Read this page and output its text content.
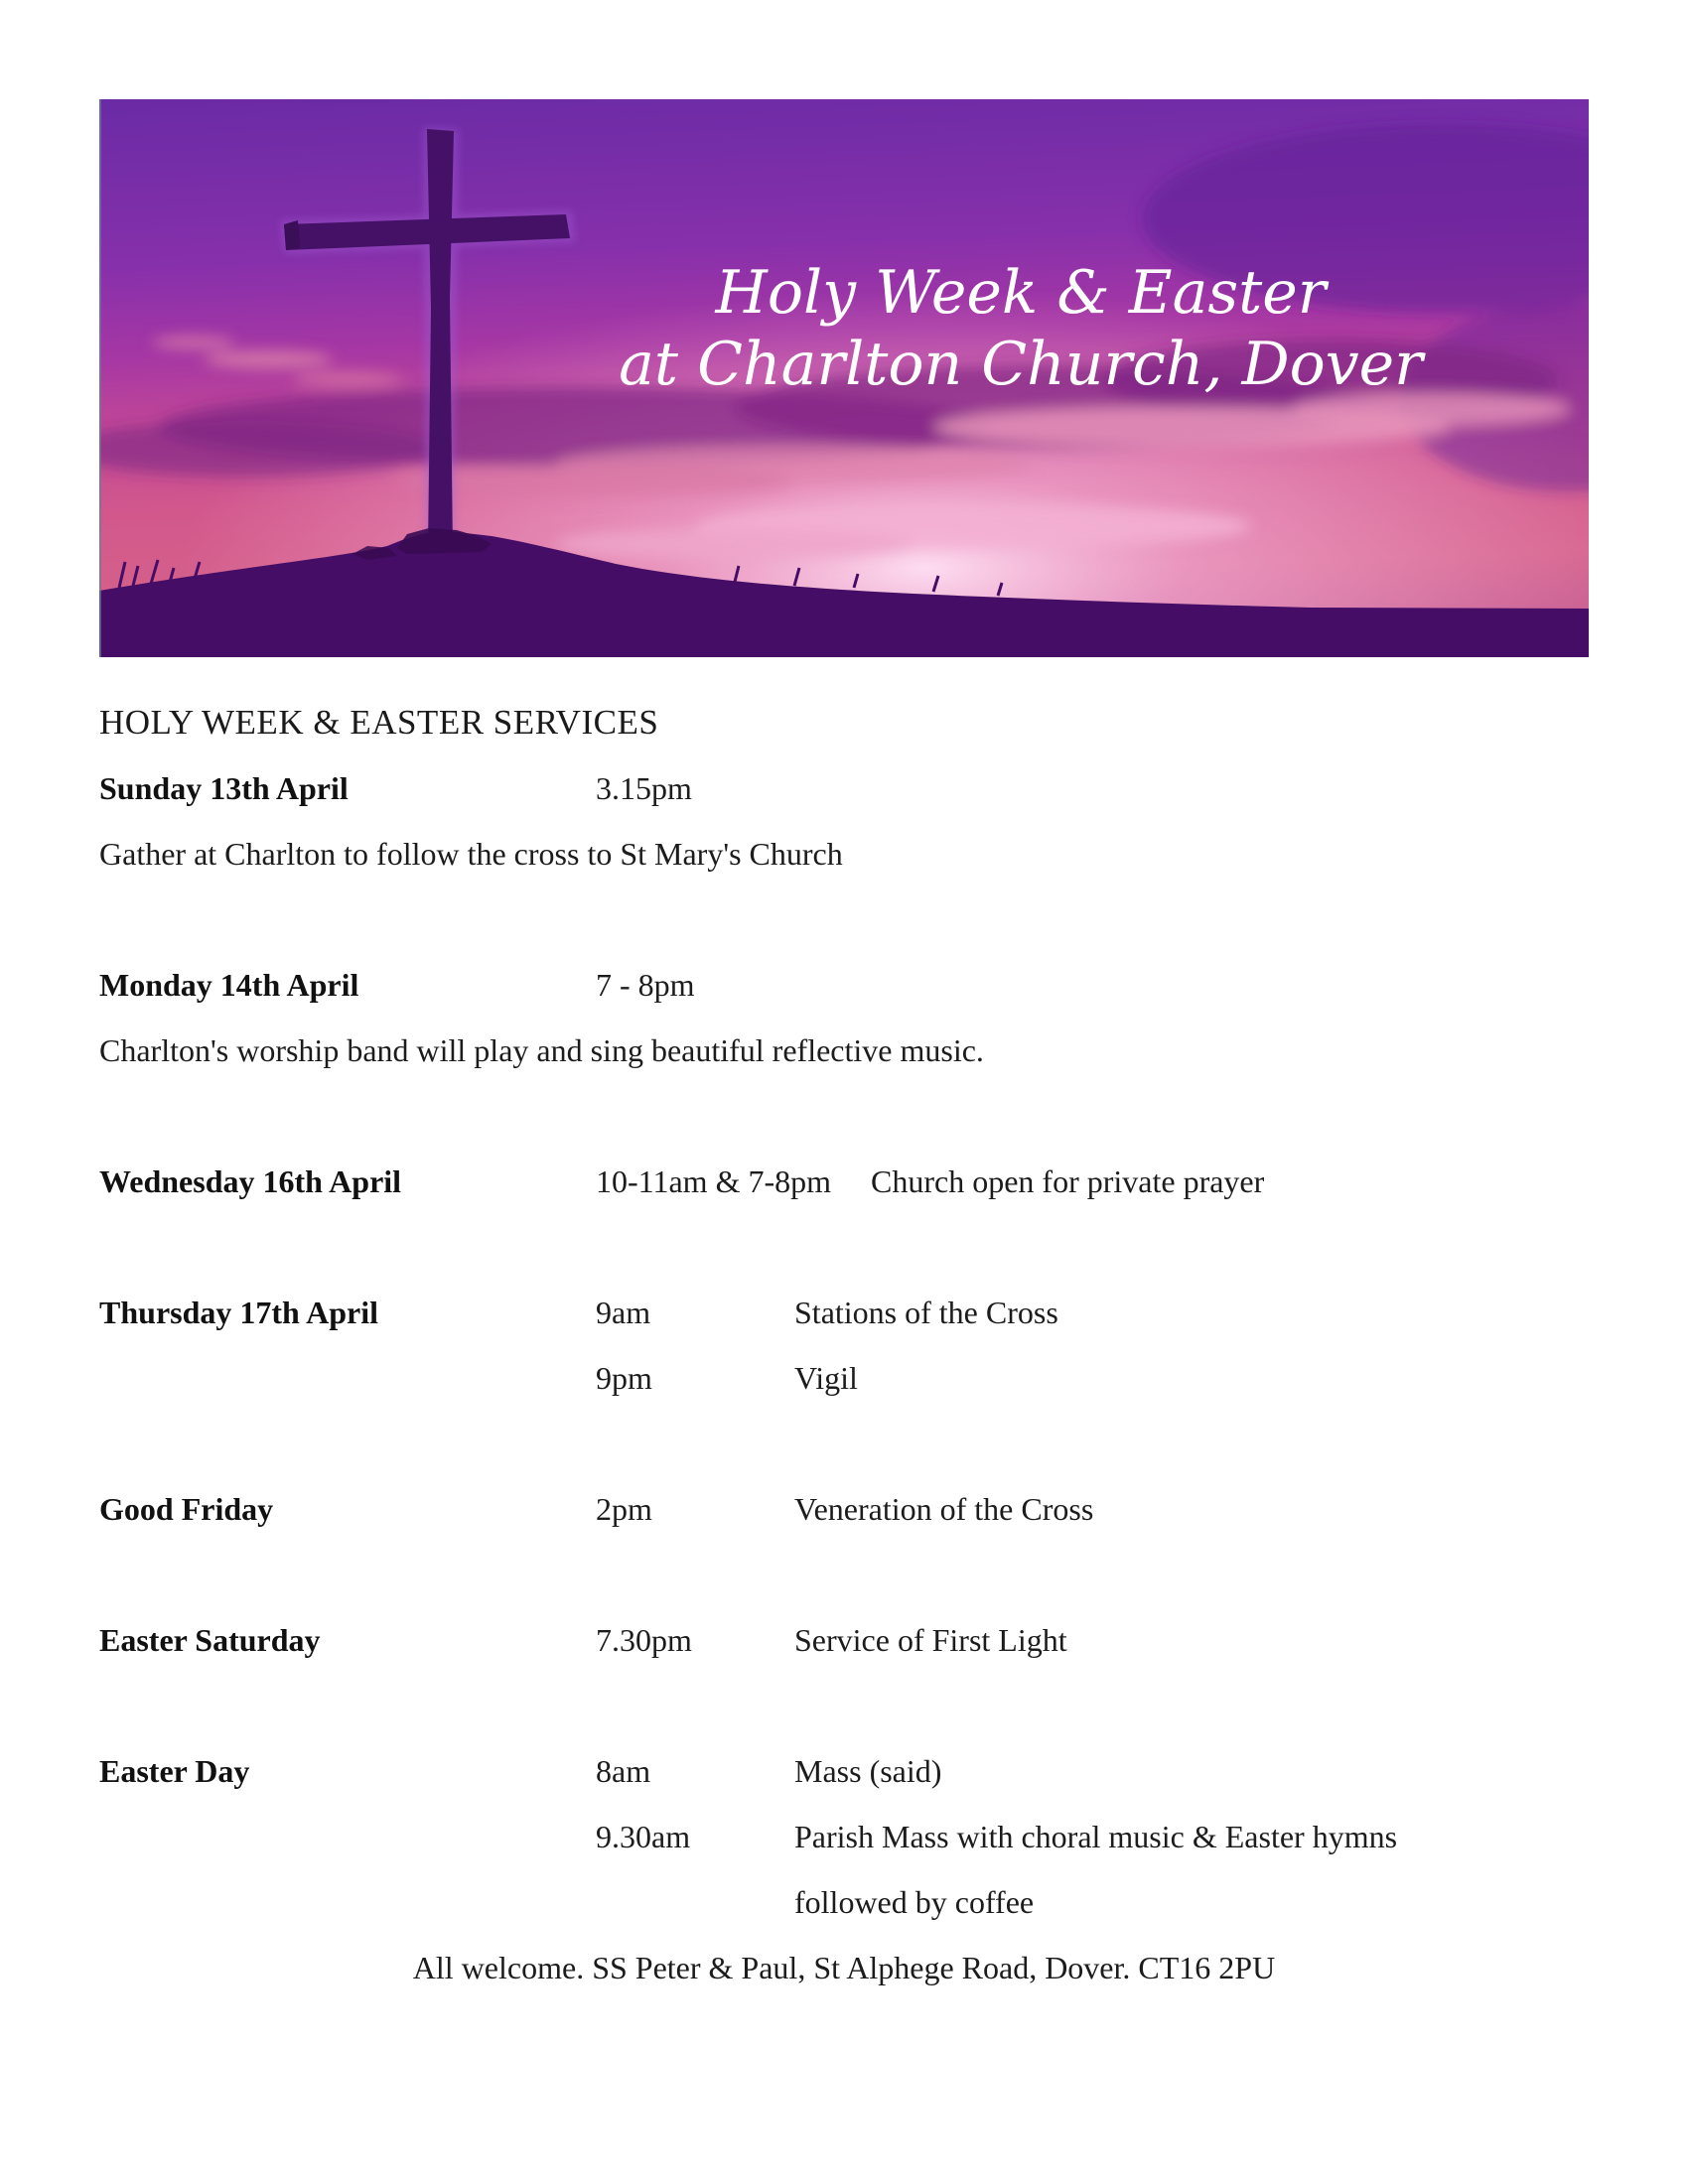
Holy Week & Easter
at Charlton Church, Dover
HOLY WEEK & EASTER SERVICES
Sunday 13th April	3.15pm
Gather at Charlton to follow the cross to St Mary's Church
Monday 14th April	7 - 8pm
Charlton's worship band will play and sing beautiful reflective music.
Wednesday 16th April	10-11am & 7-8pm Church open for private prayer
Thursday 17th April	9am	Stations of the Cross
9pm	Vigil
Good Friday	2pm	Veneration of the Cross
Easter Saturday	7.30pm	Service of First Light
Easter Day	8am	Mass (said)
9.30am	Parish Mass with choral music & Easter hymns
followed by coffee
All welcome. SS Peter & Paul, St Alphege Road, Dover. CT16 2PU
